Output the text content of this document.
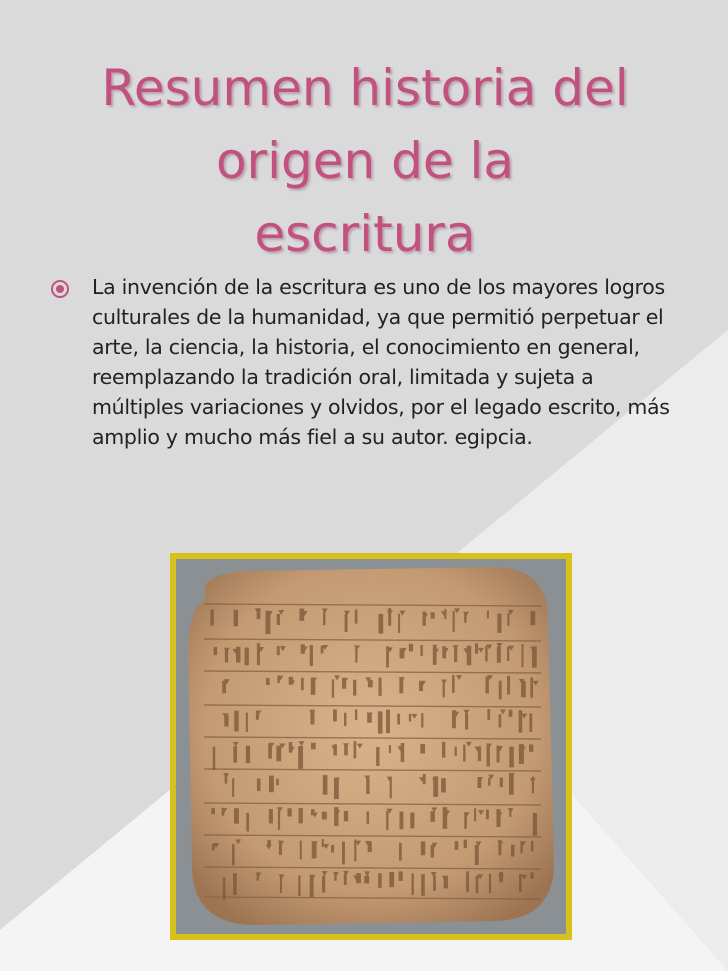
Resumen historia del origen de la escritura

La invención de la escritura es uno de los mayores logros culturales de la humanidad, ya que permitió perpetuar el arte, la ciencia, la historia, el conocimiento en general, reemplazando la tradición oral, limitada y sujeta a múltiples variaciones y olvidos, por el legado escrito, más amplio y mucho más fiel a su autor. egipcia.
